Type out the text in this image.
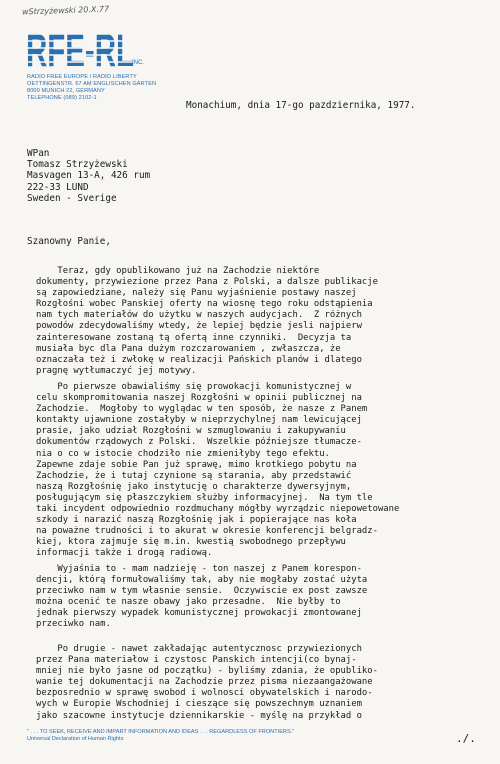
wStrzyżewski 20.X.77
RFE-RL
INC.
RADIO FREE EUROPE / RADIO LIBERTY
OETTINGENSTR. 67 AM ENGLISCHEN GARTEN
8000 MUNICH 22, GERMANY
TELEPHONE (089) 2102-1
Monachium, dnia 17-go pazdziernika, 1977.
WPan
Tomasz Strzyżewski
Masvagen 13-A, 426 rum
222-33 LUND
Sweden - Sverige
Szanowny Panie,
Teraz, gdy opublikowano już na Zachodzie niektóre
dokumenty, przywiezione przez Pana z Polski, a dalsze publikacje
są zapowiedziane, należy się Panu wyjaśnienie postawy naszej
Rozgłośni wobec Panskiej oferty na wiosnę tego roku odstąpienia
nam tych materiałów do użytku w naszych audycjach.  Z różnych
powodów zdecydowaliśmy wtedy, że lepiej będzie jesli najpierw
zainteresowane zostaną tą ofertą inne czynniki.  Decyzja ta
musiała byc dla Pana dużym rozczarowaniem , zwłaszcza, że
oznaczała też i zwłokę w realizacji Pańskich planów i dlatego
pragnę wytłumaczyć jej motywy.
Po pierwsze obawialiśmy się prowokacji komunistycznej w
celu skompromitowania naszej Rozgłośni w opinii publicznej na
Zachodzie.  Mogłoby to wyglądac w ten sposób, że nasze z Panem
kontakty ujawnione zostałyby w nieprzychylnej nam lewicującej
prasie, jako udział Rozgłośni w szmuglowaniu i zakupywaniu
dokumentów rządowych z Polski.  Wszelkie późniejsze tłumacze-
nia o co w istocie chodziło nie zmieniłyby tego efektu.
Zapewne zdaje sobie Pan już sprawę, mimo krotkiego pobytu na
Zachodzie, że i tutaj czynione są starania, aby przedstawić
naszą Rozgłośnię jako instytucję o charakterze dywersyjnym,
posługującym się płaszczykiem służby informacyjnej.  Na tym tle
taki incydent odpowiednio rozdmuchany mógłby wyrządzic niepowetowane
szkody i narazić naszą Rozgłośnię jak i popierające nas koła
na poważne trudności i to akurat w okresie konferencji belgradz-
kiej, ktora zajmuje się m.in. kwestią swobodnego przepływu
informacji także i drogą radiową.
Wyjaśnia to - mam nadzieję - ton naszej z Panem korespon-
dencji, którą formułowaliśmy tak, aby nie mogłaby zostać użyta
przeciwko nam w tym własnie sensie.  Oczywiscie ex post zawsze
można ocenić te nasze obawy jako przesadne.  Nie byłby to
jednak pierwszy wypadek komunistycznej prowokacji zmontowanej
przeciwko nam.
Po drugie - nawet zakładając autentycznosc przywiezionych
przez Pana materiałow i czystosc Panskich intencji(co bynaj-
mniej nie było jasne od początku) - byliśmy zdania, że opubliko-
wanie tej dokumentacji na Zachodzie przez pisma niezaangażowane
bezposrednio w sprawę swobod i wolnosci obywatelskich i narodo-
wych w Europie Wschodniej i cieszące się powszechnym uznaniem
jako szacowne instytucje dziennikarskie - myślę na przykład o
" . . . TO SEEK, RECEIVE AND IMPART INFORMATION AND IDEAS . . . REGARDLESS OF FRONTIERS."
Universal Declaration of Human Rights	./.
